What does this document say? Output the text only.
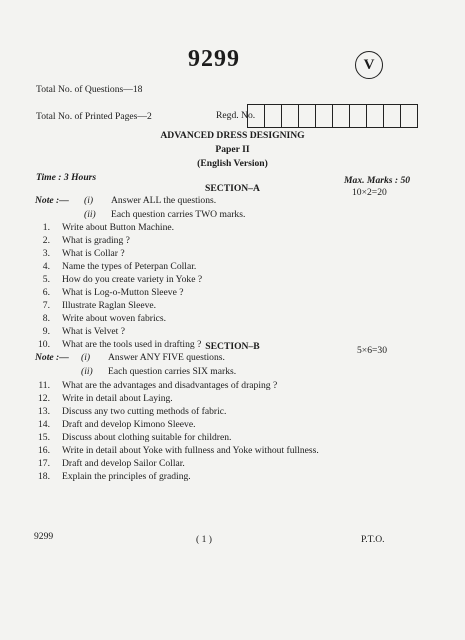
9299	V
Total No. of Questions—18
Total No. of Printed Pages—2	Regd. No.
ADVANCED DRESS DESIGNING
Paper II
(English Version)
Time : 3 Hours	Max. Marks : 50
SECTION–A	10×2=20
Note :— (i) Answer ALL the questions.
(ii) Each question carries TWO marks.
1. Write about Button Machine.
2. What is grading ?
3. What is Collar ?
4. Name the types of Peterpan Collar.
5. How do you create variety in Yoke ?
6. What is Log-o-Mutton Sleeve ?
7. Illustrate Raglan Sleeve.
8. Write about woven fabrics.
9. What is Velvet ?
10. What are the tools used in drafting ? SECTION–B	5×6=30
Note :— (i) Answer ANY FIVE questions.
(ii) Each question carries SIX marks.
11. What are the advantages and disadvantages of draping ?
12. Write in detail about Laying.
13. Discuss any two cutting methods of fabric.
14. Draft and develop Kimono Sleeve.
15. Discuss about clothing suitable for children.
16. Write in detail about Yoke with fullness and Yoke without fullness.
17. Draft and develop Sailor Collar.
18. Explain the principles of grading.
9299	( 1 )	P.T.O.
